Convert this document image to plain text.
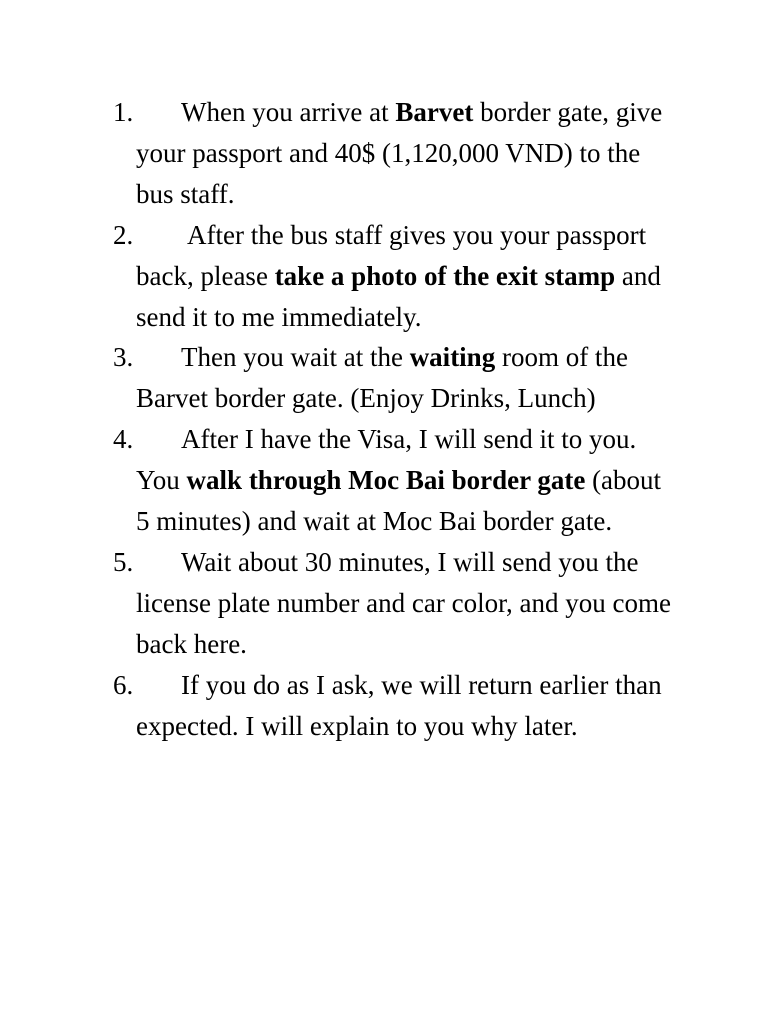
1.	When you arrive at Barvet border gate, give your passport and 40$ (1,120,000 VND) to the bus staff.
2.	After the bus staff gives you your passport back, please take a photo of the exit stamp and send it to me immediately.
3.	Then you wait at the waiting room of the Barvet border gate. (Enjoy Drinks, Lunch)
4.	After I have the Visa, I will send it to you. You walk through Moc Bai border gate (about 5 minutes) and wait at Moc Bai border gate.
5.	Wait about 30 minutes, I will send you the license plate number and car color, and you come back here.
6.	If you do as I ask, we will return earlier than expected. I will explain to you why later.
